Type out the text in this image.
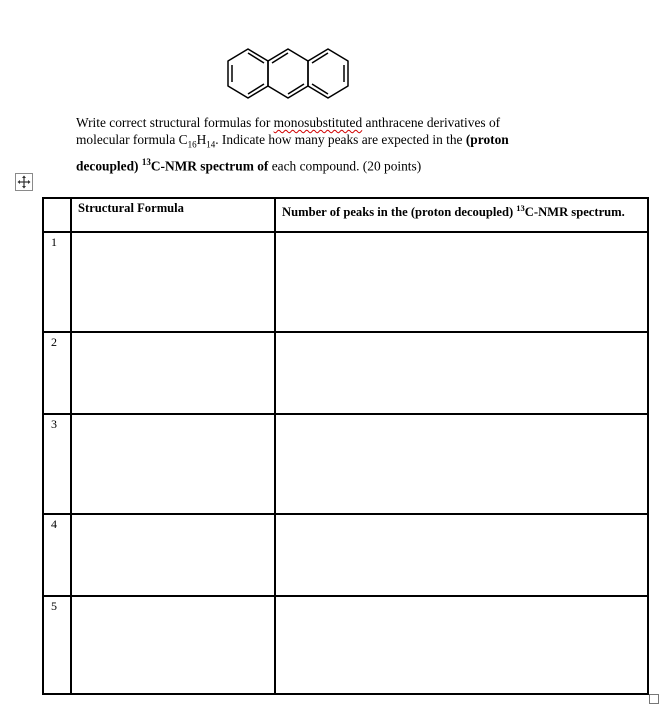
Write correct structural formulas for monosubstituted anthracene derivatives of
molecular formula $C_{16}H_{14}$. Indicate how many peaks are expected in the (proton
decoupled) $^{13}$C-NMR spectrum of each compound. (20 points)
	Structural Formula	Number of peaks in the (proton decoupled) $^{13}$C-NMR spectrum.
1		
2		
3		
4		
5		
